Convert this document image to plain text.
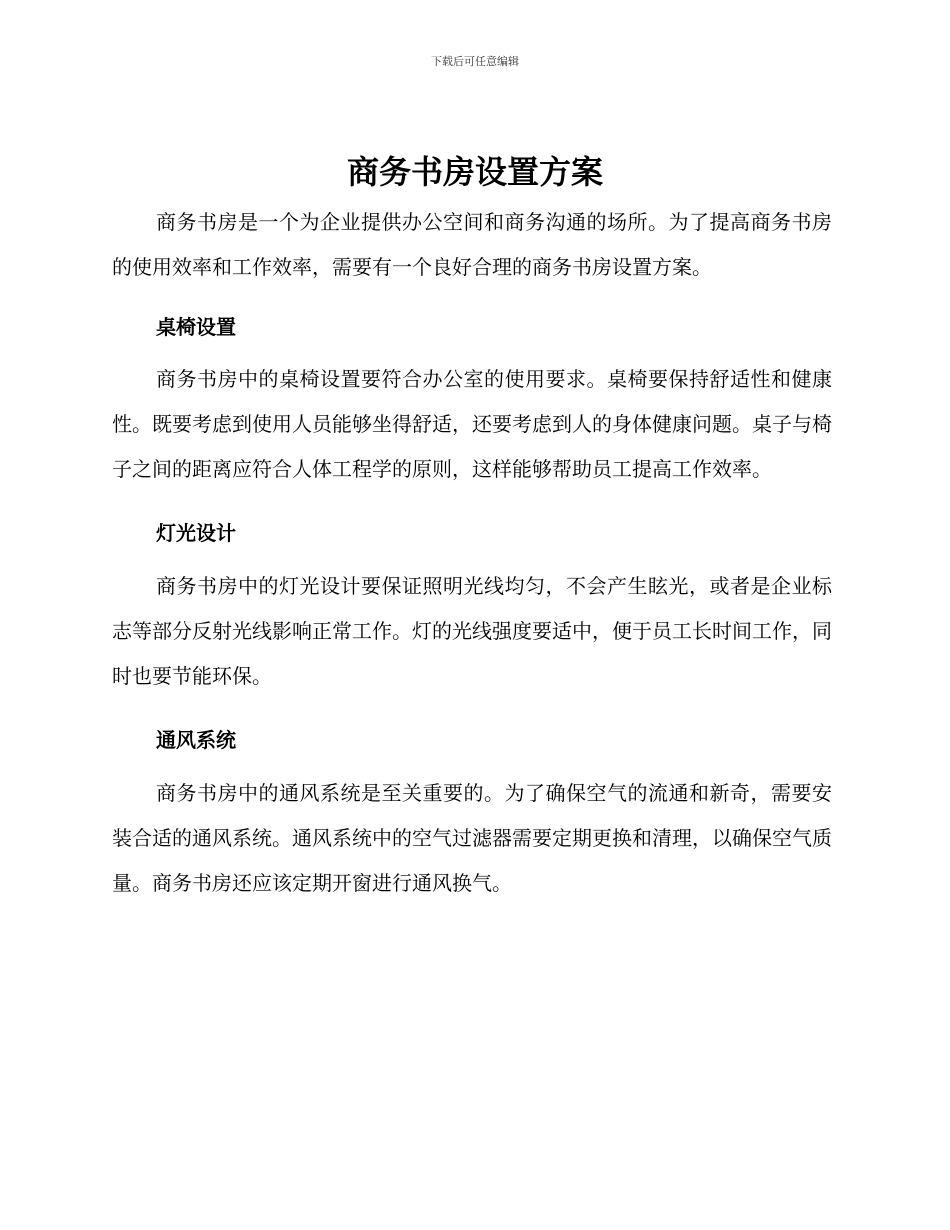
下载后可任意编辑
商务书房设置方案

商务书房是一个为企业提供办公空间和商务沟通的场所。为了提高商务书房的使用效率和工作效率，需要有一个良好合理的商务书房设置方案。

桌椅设置

商务书房中的桌椅设置要符合办公室的使用要求。桌椅要保持舒适性和健康性。既要考虑到使用人员能够坐得舒适，还要考虑到人的身体健康问题。桌子与椅子之间的距离应符合人体工程学的原则，这样能够帮助员工提高工作效率。

灯光设计

商务书房中的灯光设计要保证照明光线均匀，不会产生眩光，或者是企业标志等部分反射光线影响正常工作。灯的光线强度要适中，便于员工长时间工作，同时也要节能环保。

通风系统

商务书房中的通风系统是至关重要的。为了确保空气的流通和新奇，需要安装合适的通风系统。通风系统中的空气过滤器需要定期更换和清理，以确保空气质量。商务书房还应该定期开窗进行通风换气。
